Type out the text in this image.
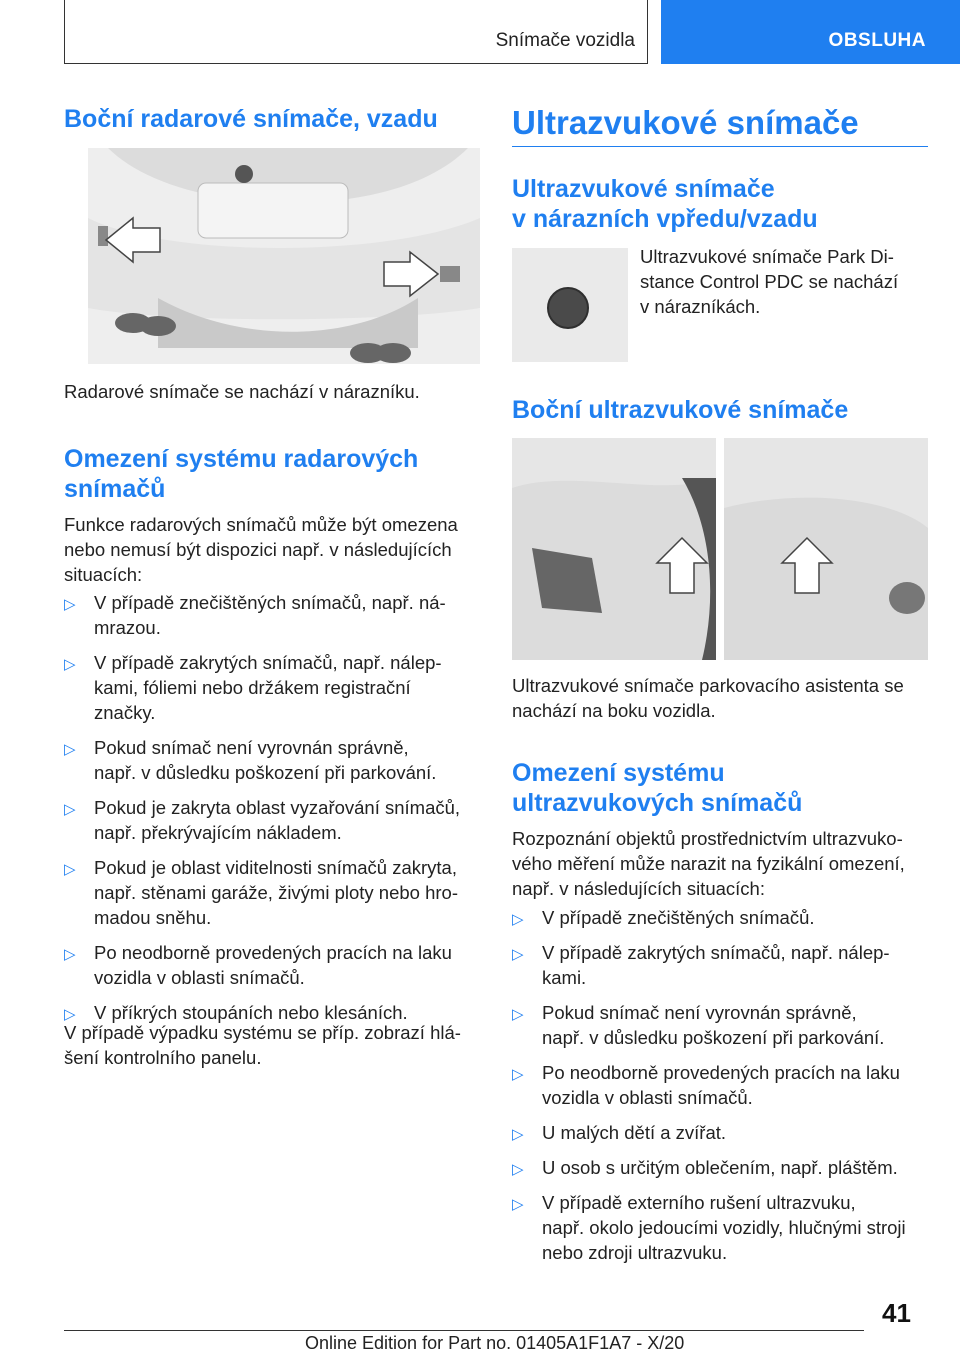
Snímače vozidla	OBSLUHA
Boční radarové snímače, vzadu

Radarové snímače se nachází v nárazníku.

Omezení systému radarových
snímačů
Funkce radarových snímačů může být omezena
nebo nemusí být dispozici např. v následujících
situacích:
▷ V případě znečištěných snímačů, např. ná-
mrazou.
▷ V případě zakrytých snímačů, např. nálep-
kami, fóliemi nebo držákem registrační
značky.
▷ Pokud snímač není vyrovnán správně,
např. v důsledku poškození při parkování.
▷ Pokud je zakryta oblast vyzařování snímačů,
např. překrývajícím nákladem.
▷ Pokud je oblast viditelnosti snímačů zakryta,
např. stěnami garáže, živými ploty nebo hro-
madou sněhu.
▷ Po neodborně provedených pracích na laku
vozidla v oblasti snímačů.
▷ V příkrých stoupáních nebo klesáních.
V případě výpadku systému se příp. zobrazí hlá-
šení kontrolního panelu.
Ultrazvukové snímače
Ultrazvukové snímače
v nárazních vpředu/vzadu
Ultrazvukové snímače Park Di-
stance Control PDC se nachází
v nárazníkách.
Boční ultrazvukové snímače
Ultrazvukové snímače parkovacího asistenta se
nachází na boku vozidla.
Omezení systému
ultrazvukových snímačů
Rozpoznání objektů prostřednictvím ultrazvuko-
vého měření může narazit na fyzikální omezení,
např. v následujících situacích:
▷ V případě znečištěných snímačů.
▷ V případě zakrytých snímačů, např. nálep-
kami.
▷ Pokud snímač není vyrovnán správně,
např. v důsledku poškození při parkování.
▷ Po neodborně provedených pracích na laku
vozidla v oblasti snímačů.
▷ U malých dětí a zvířat.
▷ U osob s určitým oblečením, např. pláštěm.
▷ V případě externího rušení ultrazvuku,
např. okolo jedoucími vozidly, hlučnými stroji
nebo zdroji ultrazvuku.
41
Online Edition for Part no. 01405A1F1A7 - X/20
